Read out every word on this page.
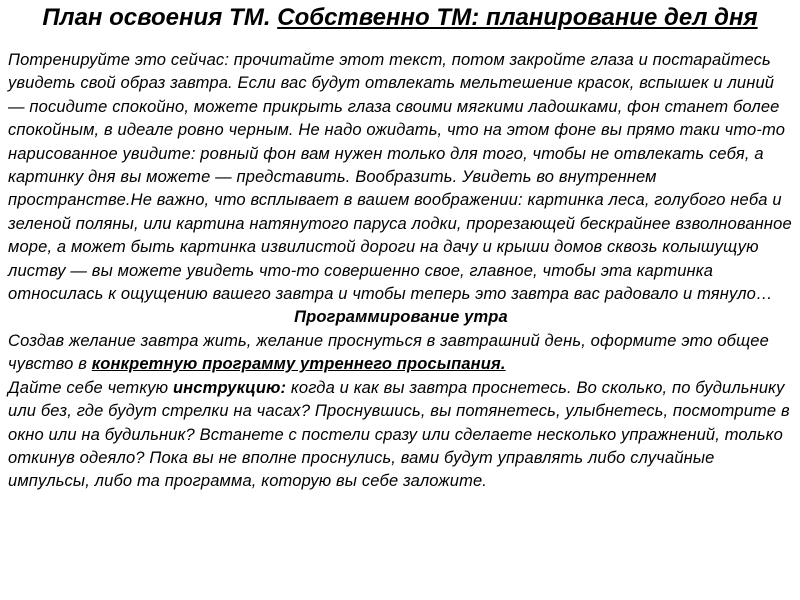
План освоения ТМ. Собственно ТМ: планирование дел дня

Потренируйте это сейчас: прочитайте этот текст, потом закройте глаза и постарайтесь увидеть свой образ завтра. Если вас будут отвлекать мельтешение красок, вспышек и линий — посидите спокойно, можете прикрыть глаза своими мягкими ладошками, фон станет более спокойным, в идеале ровно черным. Не надо ожидать, что на этом фоне вы прямо таки что-то нарисованное увидите: ровный фон вам нужен только для того, чтобы не отвлекать себя, а картинку дня вы можете — представить. Вообразить. Увидеть во внутреннем пространстве.Не важно, что всплывает в вашем воображении: картинка леса, голубого неба и зеленой поляны, или картина натянутого паруса лодки, прорезающей бескрайнее взволнованное море, а может быть картинка извилистой дороги на дачу и крыши домов сквозь колышущую листву — вы можете увидеть что-то совершенно свое, главное, чтобы эта картинка относилась к ощущению вашего завтра и чтобы теперь это завтра вас радовало и тянуло…

Программирование утра

Создав желание завтра жить, желание проснуться в завтрашний день, оформите это общее чувство в конкретную программу утреннего просыпания.

Дайте себе четкую инструкцию: когда и как вы завтра проснетесь. Во сколько, по будильнику или без, где будут стрелки на часах? Проснувшись, вы потянетесь, улыбнетесь, посмотрите в окно или на будильник? Встанете с постели сразу или сделаете несколько упражнений, только откинув одеяло? Пока вы не вполне проснулись, вами будут управлять либо случайные импульсы, либо та программа, которую вы себе заложите.
